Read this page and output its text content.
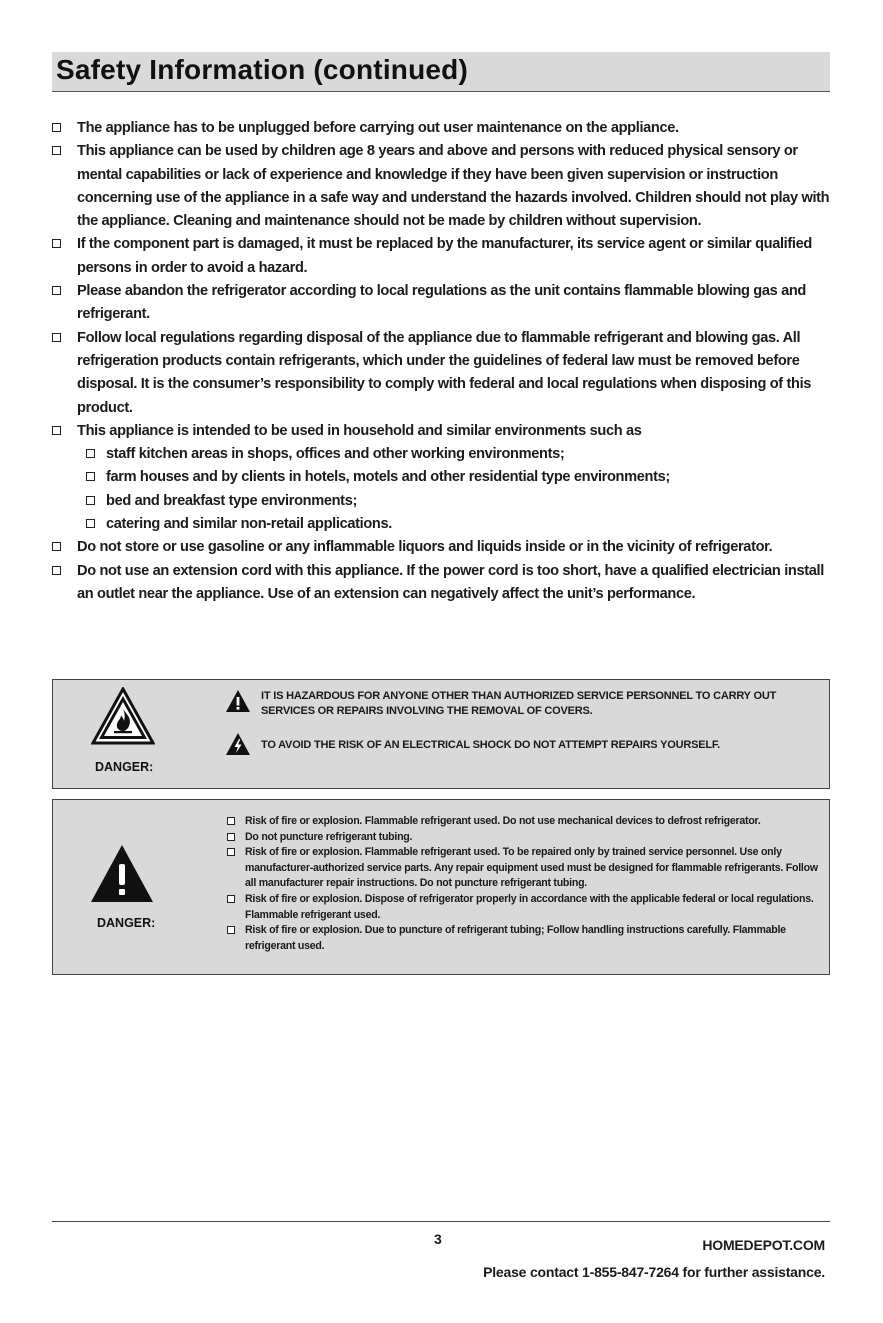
Safety Information (continued)
The appliance has to be unplugged before carrying out user maintenance on the appliance.
This appliance can be used by children age 8 years and above and persons with reduced physical sensory or mental capabilities or lack of experience and knowledge if they have been given supervision or instruction concerning use of the appliance in a safe way and understand the hazards involved. Children should not play with the appliance. Cleaning and maintenance should not be made by children without supervision.
If the component part is damaged, it must be replaced by the manufacturer, its service agent or similar qualified persons in order to avoid a hazard.
Please abandon the refrigerator according to local regulations as the unit contains flammable blowing gas and refrigerant.
Follow local regulations regarding disposal of the appliance due to flammable refrigerant and blowing gas. All refrigeration products contain refrigerants, which under the guidelines of federal law must be removed before disposal. It is the consumer’s responsibility to comply with federal and local regulations when disposing of this product.
This appliance is intended to be used in household and similar environments such as
staff kitchen areas in shops, offices and other working environments;
farm houses and by clients in hotels, motels and other residential type environments;
bed and breakfast type environments;
catering and similar non-retail applications.
Do not store or use gasoline or any inflammable liquors and liquids inside or in the vicinity of refrigerator.
Do not use an extension cord with this appliance. If the power cord is too short, have a qualified electrician install an outlet near the appliance. Use of an extension can negatively affect the unit’s performance.
DANGER:
IT IS HAZARDOUS FOR ANYONE OTHER THAN AUTHORIZED SERVICE PERSONNEL TO CARRY OUT SERVICES OR REPAIRS INVOLVING THE REMOVAL OF COVERS.
TO AVOID THE RISK OF AN ELECTRICAL SHOCK DO NOT ATTEMPT REPAIRS YOURSELF.
DANGER:
Risk of fire or explosion. Flammable refrigerant used. Do not use mechanical devices to defrost refrigerator.
Do not puncture refrigerant tubing.
Risk of fire or explosion. Flammable refrigerant used. To be repaired only by trained service personnel. Use only manufacturer-authorized service parts. Any repair equipment used must be designed for flammable refrigerants. Follow all manufacturer repair instructions. Do not puncture refrigerant tubing.
Risk of fire or explosion. Dispose of refrigerator properly in accordance with the applicable federal or local regulations. Flammable refrigerant used.
Risk of fire or explosion. Due to puncture of refrigerant tubing; Follow handling instructions carefully. Flammable refrigerant used.
3	HOMEDEPOT.COM
Please contact 1-855-847-7264 for further assistance.
